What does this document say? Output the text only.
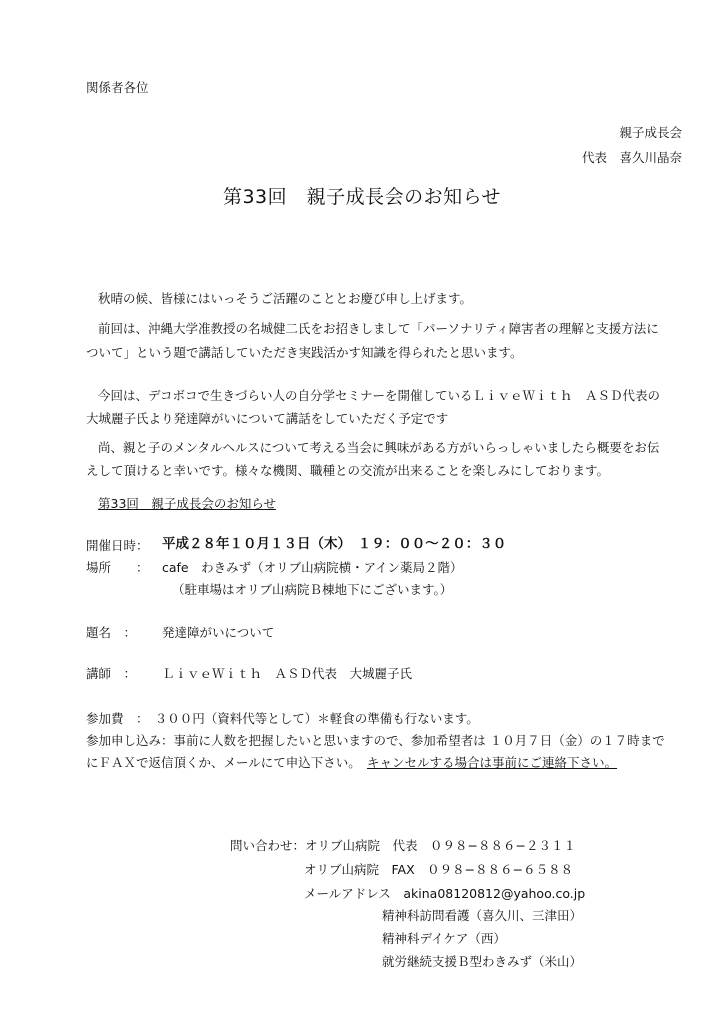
関係者各位
親子成長会
代表　喜久川晶奈
第33回　親子成長会のお知らせ
秋晴の候、皆様にはいっそうご活躍のこととお慶び申し上げます。
前回は、沖縄大学准教授の名城健二氏をお招きしまして「パーソナリティ障害者の理解と支援方法に
ついて」という題で講話していただき実践活かす知識を得られたと思います。
今回は、デコボコで生きづらい人の自分学セミナーを開催しているＬｉｖｅＷｉｔｈ　ＡＳＤ代表の
大城麗子氏より発達障がいについて講話をしていただく予定です
尚、親と子のメンタルヘルスについて考える当会に興味がある方がいらっしゃいましたら概要をお伝
えして頂けると幸いです。様々な機関、職種との交流が出来ることを楽しみにしております。
第33回　親子成長会のお知らせ
開催日時： 平成２８年１０月１３日（木）　１９：００〜２０：３０
場所　　： cafe　わきみず（オリブ山病院横・アイン薬局２階）
（駐車場はオリブ山病院Ｂ棟地下にございます。）
題名　： 発達障がいについて
講師　： ＬｉｖｅＷｉｔｈ　ＡＳＤ代表　大城麗子氏
参加費　：　３００円（資料代等として）＊軽食の準備も行ないます。
参加申し込み：事前に人数を把握したいと思いますので、参加希望者は １０月７日（金）の１７時まで
にＦＡＸで返信頂くか、メールにて申込下さい。　キャンセルする場合は事前にご連絡下さい。
問い合わせ：オリブ山病院　代表　０９８−８８６−２３１１
オリブ山病院　FAX　０９８−８８６−６５８８
メールアドレス　akina08120812@yahoo.co.jp
精神科訪問看護（喜久川、三津田）
精神科デイケア（西）
就労継続支援Ｂ型わきみず（米山）
